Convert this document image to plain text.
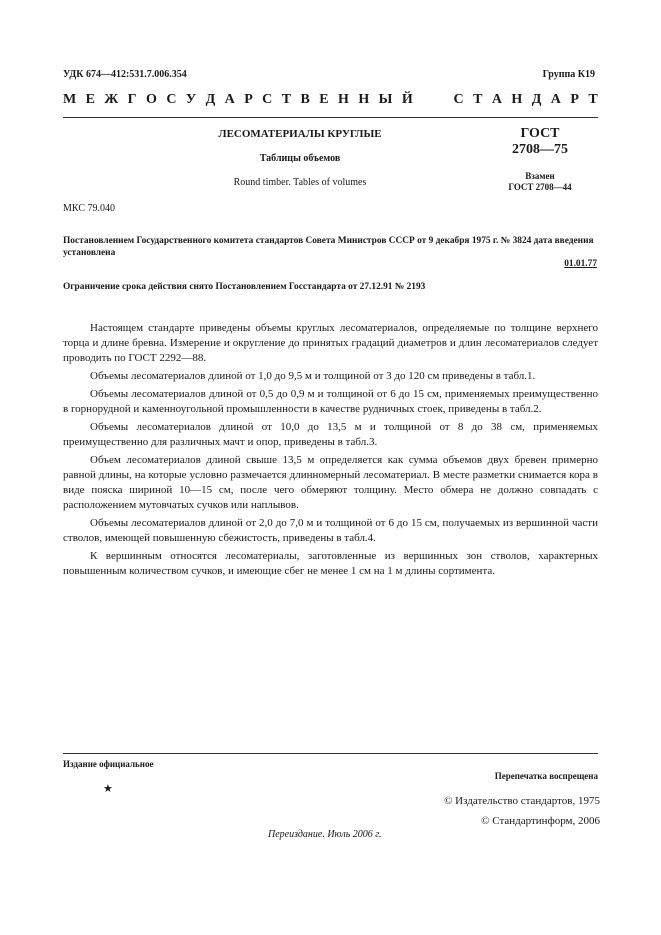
УДК 674—412:531.7.006.354	Группа К19
М Е Ж Г О С У Д А Р С Т В Е Н Н Ы Й	С Т А Н Д А Р Т
ЛЕСОМАТЕРИАЛЫ КРУГЛЫЕ
Таблицы объемов
Round timber. Tables of volumes
ГОСТ
2708—75
Взамен
ГОСТ 2708—44
МКС 79.040
Постановлением Государственного комитета стандартов Совета Министров СССР от 9 декабря 1975 г. № 3824 дата введения установлена
01.01.77
Ограничение срока действия снято Постановлением Госстандарта от 27.12.91 № 2193

Настоящем стандарте приведены объемы круглых лесоматериалов, определяемые по толщине верхнего торца и длине бревна. Измерение и округление до принятых градаций диаметров и длин лесоматериалов следует проводить по ГОСТ 2292—88.

Объемы лесоматериалов длиной от 1,0 до 9,5 м и толщиной от 3 до 120 см приведены в табл.1.

Объемы лесоматериалов длиной от 0,5 до 0,9 м и толщиной от 6 до 15 см, применяемых преимущественно в горнорудной и каменноугольной промышленности в качестве рудничных стоек, приведены в табл.2.

Объемы лесоматериалов длиной от 10,0 до 13,5 м и толщиной от 8 до 38 см, применяемых преимущественно для различных мачт и опор, приведены в табл.3.

Объем лесоматериалов длиной свыше 13,5 м определяется как сумма объемов двух бревен примерно равной длины, на которые условно размечается длинномерный лесоматериал. В месте разметки снимается кора в виде пояска шириной 10—15 см, после чего обмеряют толщину. Место обмера не должно совпадать с расположением мутовчатых сучков или наплывов.

Объемы лесоматериалов длиной от 2,0 до 7,0 м и толщиной от 6 до 15 см, получаемых из вершинной части стволов, имеющей повышенную сбежистость, приведены в табл.4.

К вершинным относятся лесоматериалы, заготовленные из вершинных зон стволов, характерных повышенным количеством сучков, и имеющие сбег не менее 1 см на 1 м длины сортимента.

Издание официальное
Перепечатка воспрещена
★
© Издательство стандартов, 1975
© Стандартинформ, 2006
Переиздание. Июль 2006 г.
